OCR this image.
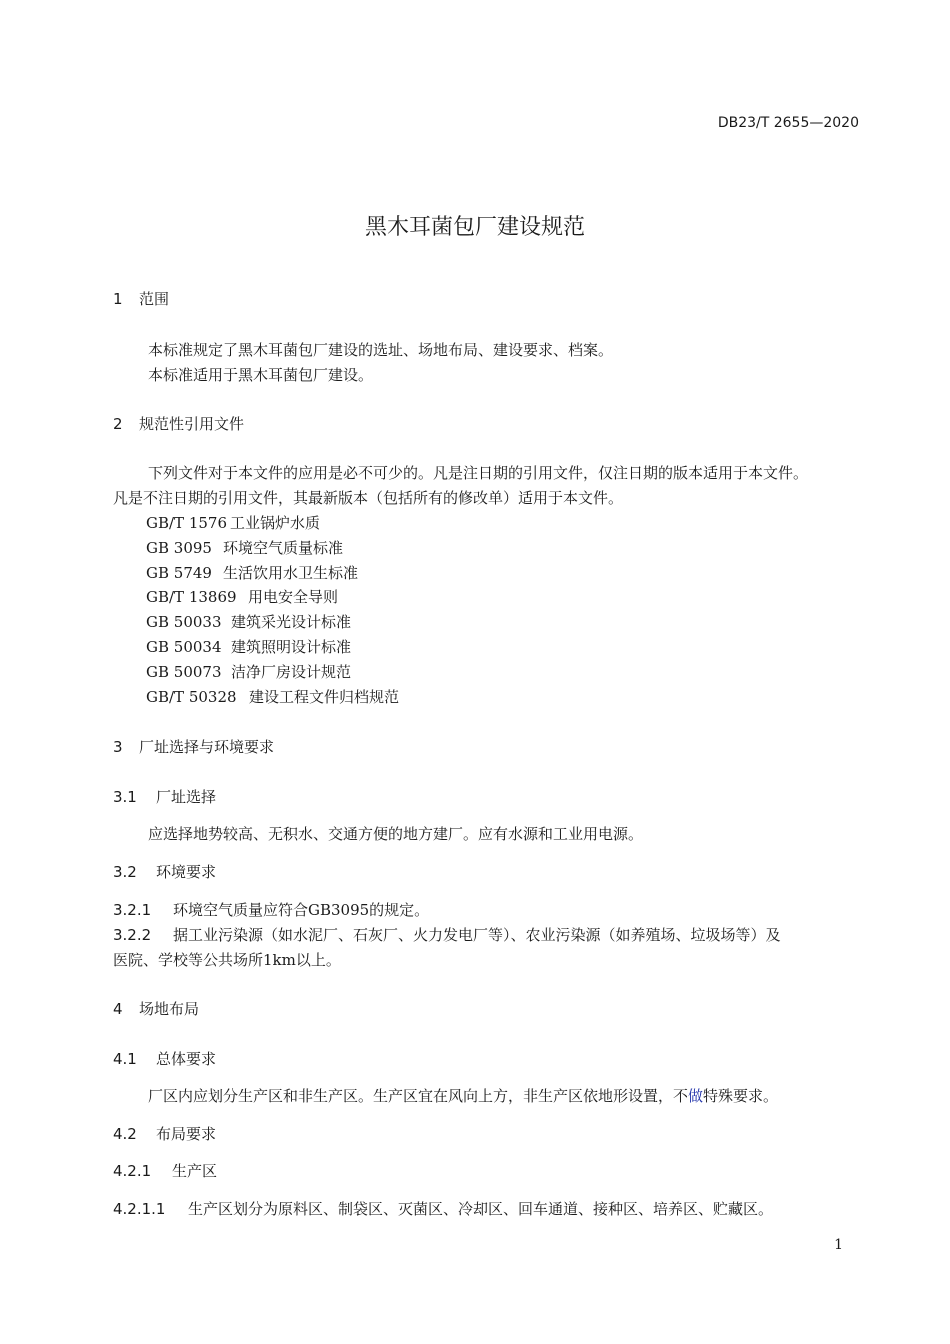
DB23/T 2655—2020
黑木耳菌包厂建设规范
1 范围
本标准规定了黑木耳菌包厂建设的选址、场地布局、建设要求、档案。
本标准适用于黑木耳菌包厂建设。
2 规范性引用文件
下列文件对于本文件的应用是必不可少的。凡是注日期的引用文件，仅注日期的版本适用于本文件。
凡是不注日期的引用文件，其最新版本（包括所有的修改单）适用于本文件。
GB/T 1576 工业锅炉水质
GB 3095 环境空气质量标准
GB 5749 生活饮用水卫生标准
GB/T 13869 用电安全导则
GB 50033 建筑采光设计标准
GB 50034 建筑照明设计标准
GB 50073 洁净厂房设计规范
GB/T 50328 建设工程文件归档规范
3 厂址选择与环境要求
3.1 厂址选择
应选择地势较高、无积水、交通方便的地方建厂。应有水源和工业用电源。
3.2 环境要求
3.2.1 环境空气质量应符合GB3095的规定。
3.2.2 据工业污染源（如水泥厂、石灰厂、火力发电厂等）、农业污染源（如养殖场、垃圾场等）及
医院、学校等公共场所1km以上。
4 场地布局
4.1 总体要求
厂区内应划分生产区和非生产区。生产区宜在风向上方，非生产区依地形设置，不做特殊要求。
4.2 布局要求
4.2.1 生产区
4.2.1.1 生产区划分为原料区、制袋区、灭菌区、冷却区、回车通道、接种区、培养区、贮藏区。
1
